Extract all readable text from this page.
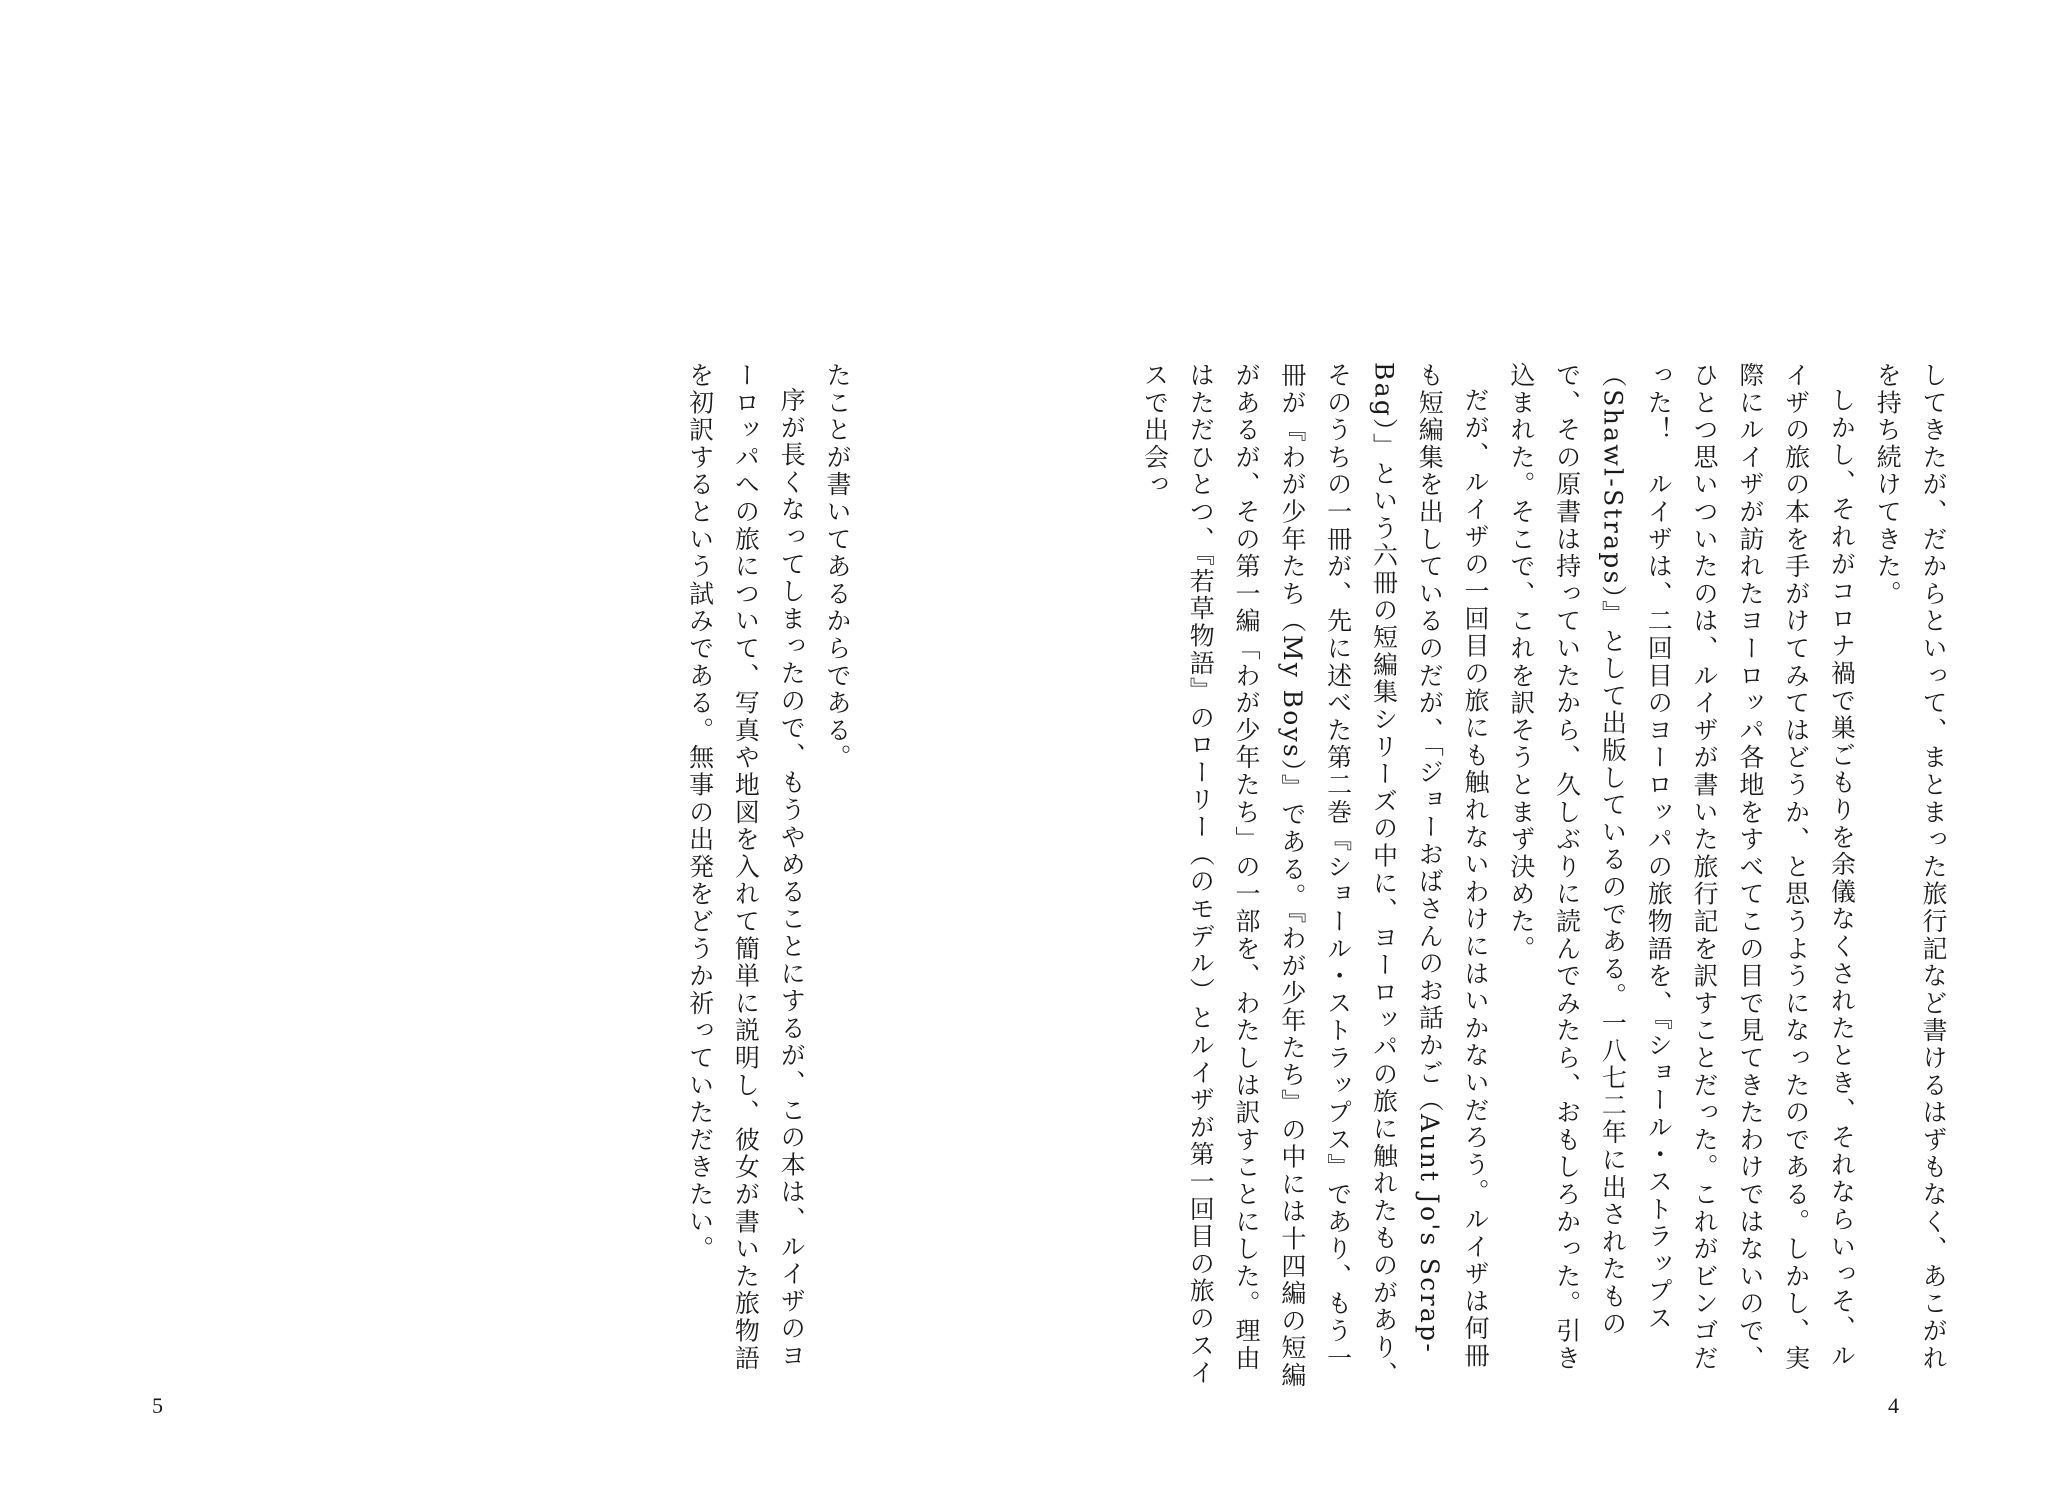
してきたが、だからといって、まとまった旅行記など書けるはずもなく、あこがれを持ち続けてきた。

しかし、それがコロナ禍で巣ごもりを余儀なくされたとき、それならいっそ、ルイザの旅の本を手がけてみてはどうか、と思うようになったのである。しかし、実際にルイザが訪れたヨーロッパ各地をすべてこの目で見てきたわけではないので、ひとつ思いついたのは、ルイザが書いた旅行記を訳すことだった。これがビンゴだった！　ルイザは、二回目のヨーロッパの旅物語を、『ショール・ストラップス（Shawl-Straps）』として出版しているのである。一八七二年に出されたもので、その原書は持っていたから、久しぶりに読んでみたら、おもしろかった。引き込まれた。そこで、これを訳そうとまず決めた。

だが、ルイザの一回目の旅にも触れないわけにはいかないだろう。ルイザは何冊も短編集を出しているのだが、「ジョーおばさんのお話かご（Aunt Jo's Scrap-Bag）」という六冊の短編集シリーズの中に、ヨーロッパの旅に触れたものがあり、そのうちの一冊が、先に述べた第二巻『ショール・ストラップス』であり、もう一冊が『わが少年たち（My Boys）』である。『わが少年たち』の中には十四編の短編があるが、その第一編「わが少年たち」の一部を、わたしは訳すことにした。理由はただひとつ、『若草物語』のローリー（のモデル）とルイザが第一回目の旅のスイスで出会っ

たことが書いてあるからである。

序が長くなってしまったので、もうやめることにするが、この本は、ルイザのヨーロッパへの旅について、写真や地図を入れて簡単に説明し、彼女が書いた旅物語を初訳するという試みである。無事の出発をどうか祈っていただきたい。

5	4
